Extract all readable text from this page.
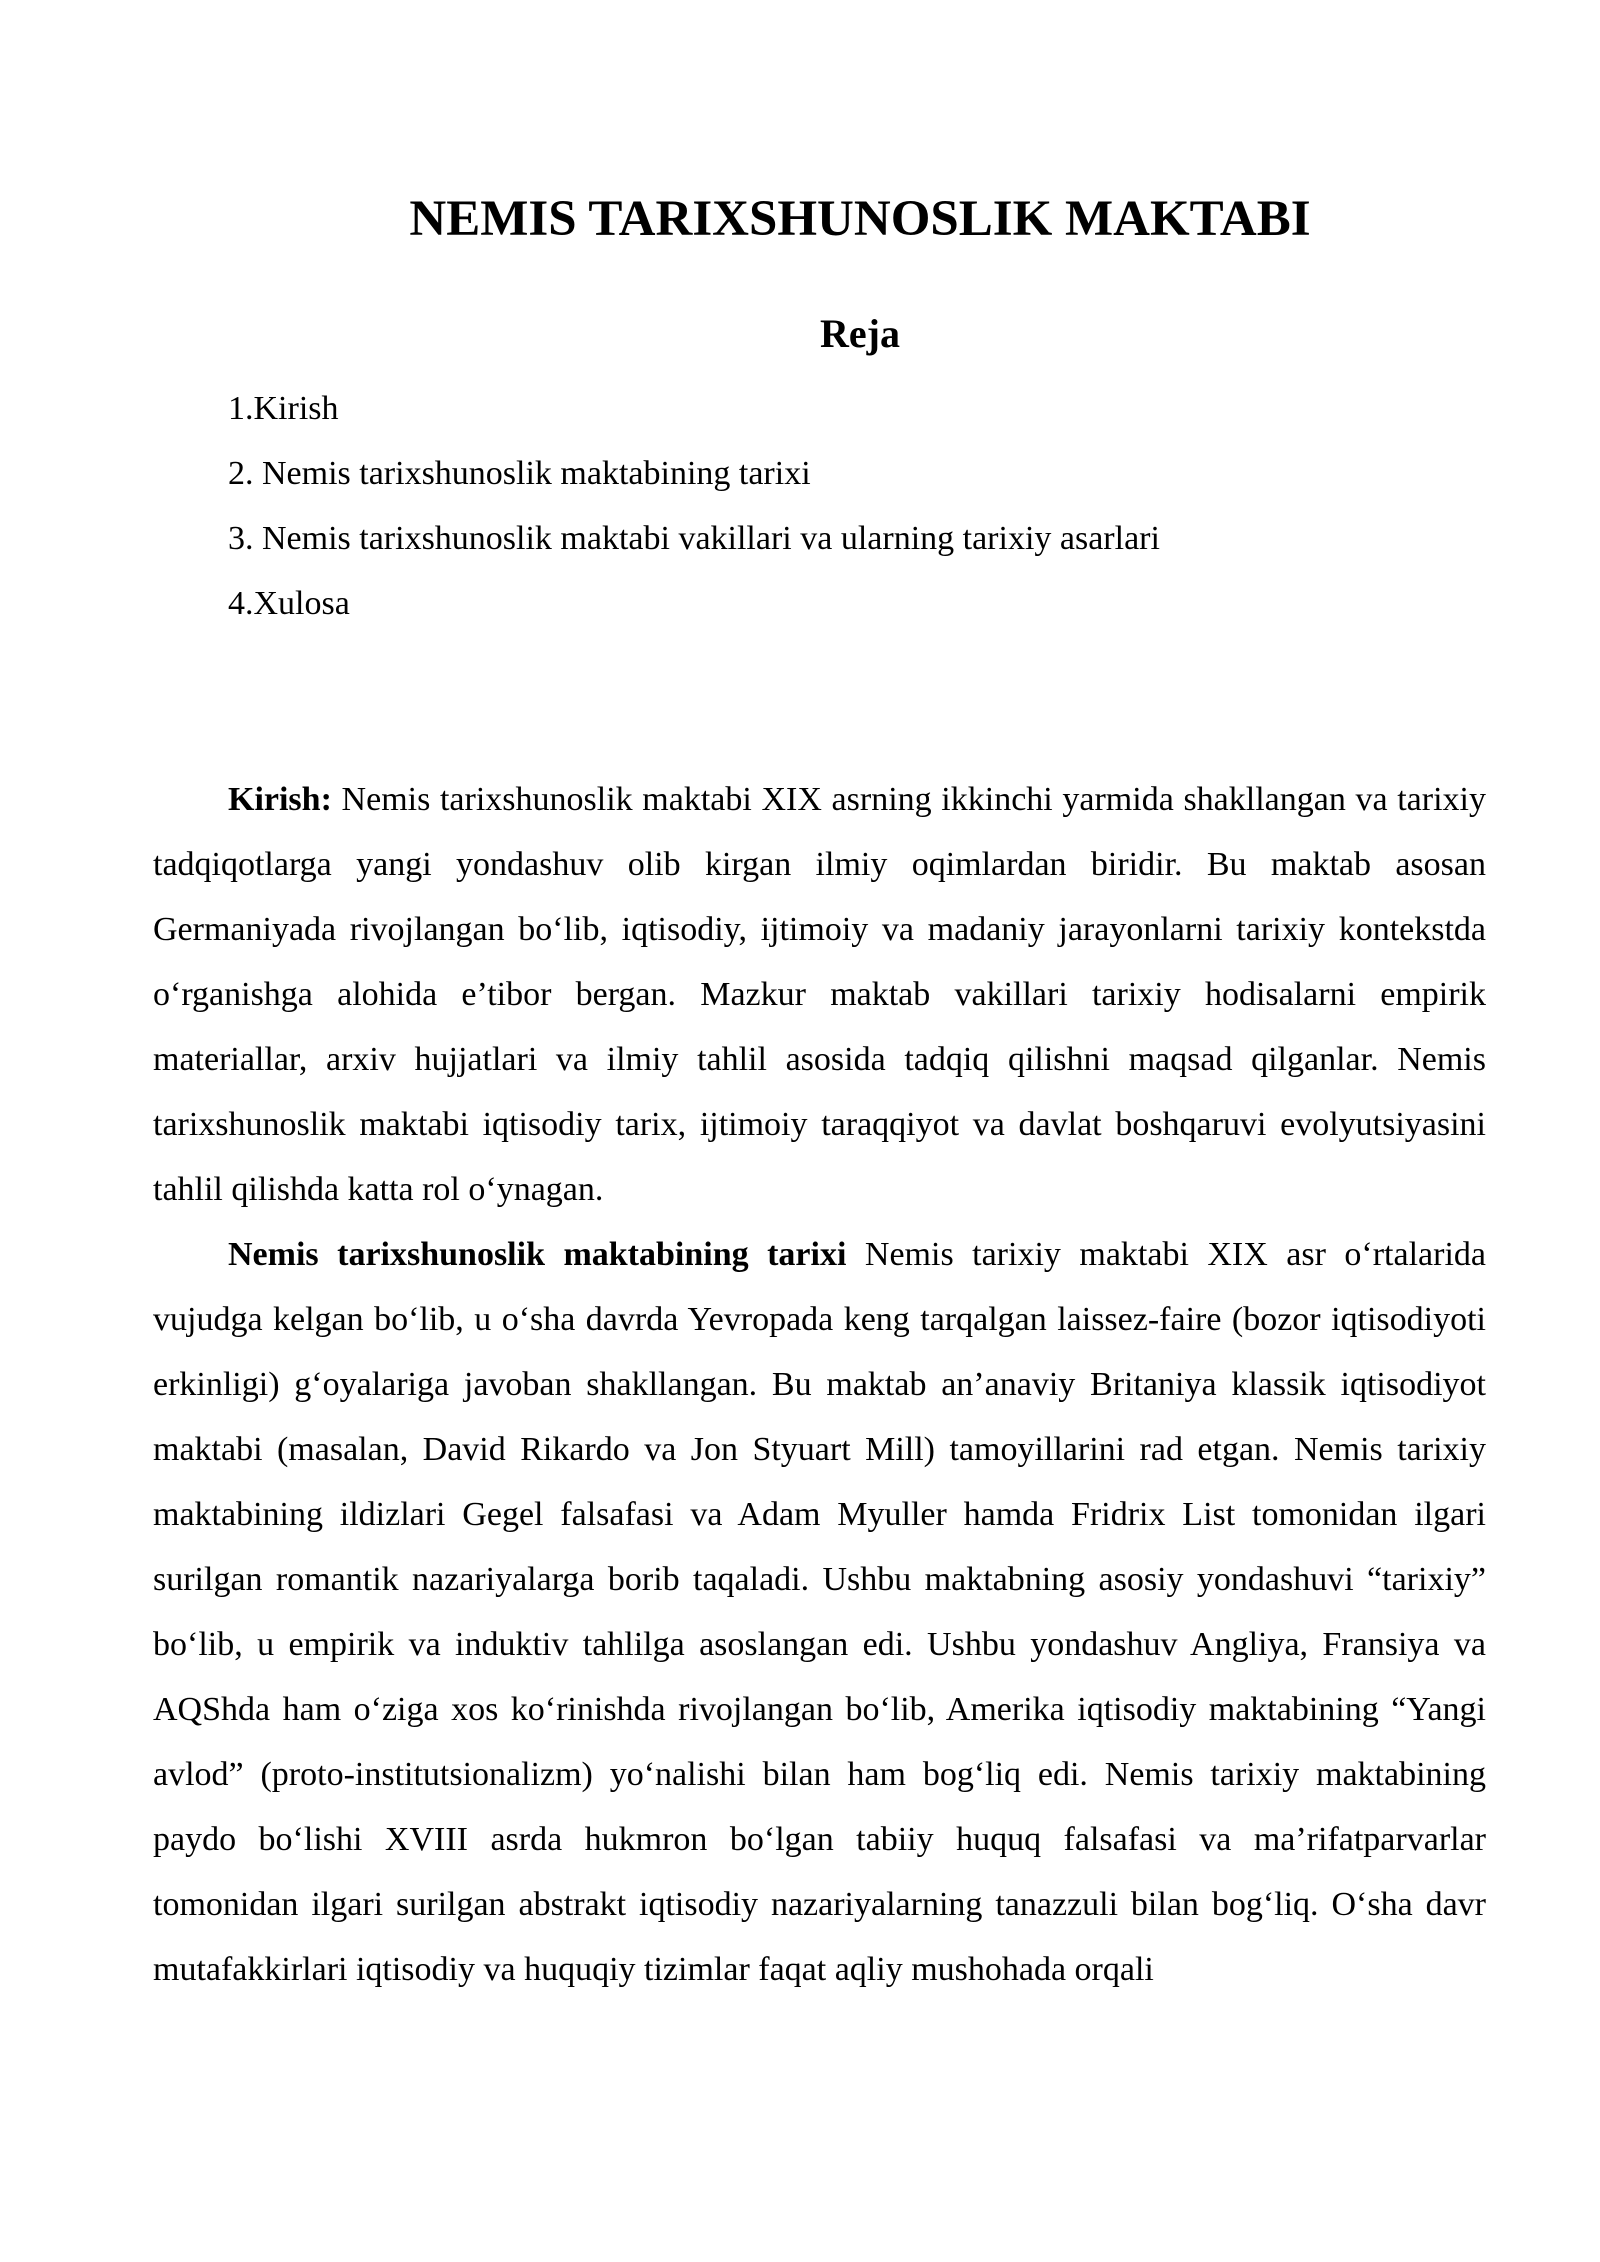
NEMIS TARIXSHUNOSLIK MAKTABI
Reja
1.Kirish
2. Nemis tarixshunoslik maktabining tarixi
3. Nemis tarixshunoslik maktabi vakillari va ularning tarixiy asarlari
4.Xulosa

Kirish: Nemis tarixshunoslik maktabi XIX asrning ikkinchi yarmida shakllangan va tarixiy tadqiqotlarga yangi yondashuv olib kirgan ilmiy oqimlardan biridir. Bu maktab asosan Germaniyada rivojlangan bo‘lib, iqtisodiy, ijtimoiy va madaniy jarayonlarni tarixiy kontekstda o‘rganishga alohida e’tibor bergan. Mazkur maktab vakillari tarixiy hodisalarni empirik materiallar, arxiv hujjatlari va ilmiy tahlil asosida tadqiq qilishni maqsad qilganlar. Nemis tarixshunoslik maktabi iqtisodiy tarix, ijtimoiy taraqqiyot va davlat boshqaruvi evolyutsiyasini tahlil qilishda katta rol o‘ynagan.

Nemis tarixshunoslik maktabining tarixi Nemis tarixiy maktabi XIX asr o‘rtalarida vujudga kelgan bo‘lib, u o‘sha davrda Yevropada keng tarqalgan laissez-faire (bozor iqtisodiyoti erkinligi) g‘oyalariga javoban shakllangan. Bu maktab an’anaviy Britaniya klassik iqtisodiyot maktabi (masalan, David Rikardo va Jon Styuart Mill) tamoyillarini rad etgan. Nemis tarixiy maktabining ildizlari Gegel falsafasi va Adam Myuller hamda Fridrix List tomonidan ilgari surilgan romantik nazariyalarga borib taqaladi. Ushbu maktabning asosiy yondashuvi “tarixiy” bo‘lib, u empirik va induktiv tahlilga asoslangan edi. Ushbu yondashuv Angliya, Fransiya va AQShda ham o‘ziga xos ko‘rinishda rivojlangan bo‘lib, Amerika iqtisodiy maktabining “Yangi avlod” (proto-institutsionalizm) yo‘nalishi bilan ham bog‘liq edi. Nemis tarixiy maktabining paydo bo‘lishi XVIII asrda hukmron bo‘lgan tabiiy huquq falsafasi va ma’rifatparvarlar tomonidan ilgari surilgan abstrakt iqtisodiy nazariyalarning tanazzuli bilan bog‘liq. O‘sha davr mutafakkirlari iqtisodiy va huquqiy tizimlar faqat aqliy mushohada orqali
